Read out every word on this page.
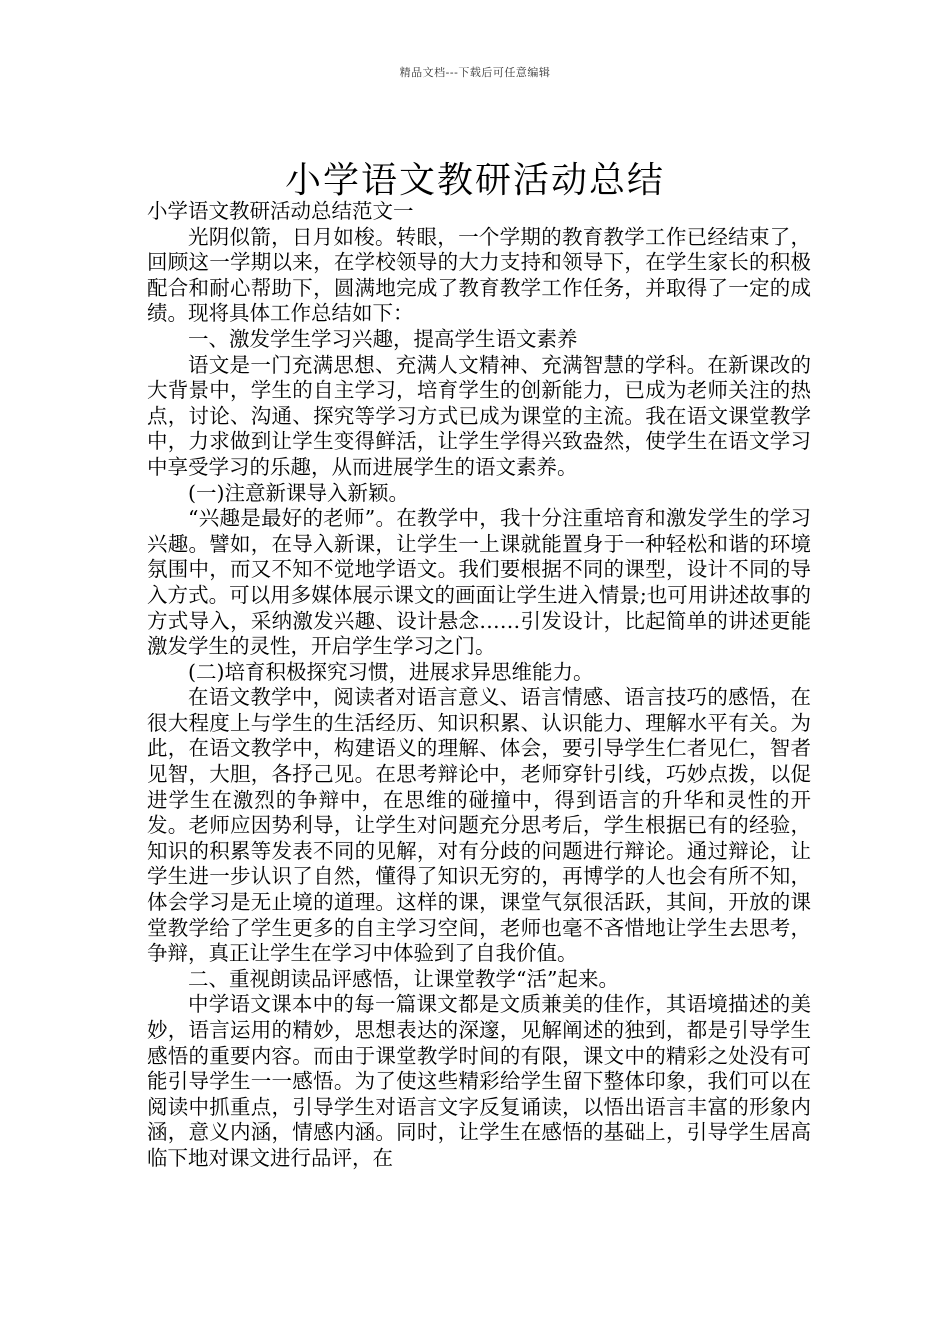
精品文档---下载后可任意编辑
小学语文教研活动总结

小学语文教研活动总结范文一

光阴似箭，日月如梭。转眼，一个学期的教育教学工作已经结束了，回顾这一学期以来，在学校领导的大力支持和领导下，在学生家长的积极配合和耐心帮助下，圆满地完成了教育教学工作任务，并取得了一定的成绩。现将具体工作总结如下：

一、激发学生学习兴趣，提高学生语文素养

语文是一门充满思想、充满人文精神、充满智慧的学科。在新课改的大背景中，学生的自主学习，培育学生的创新能力，已成为老师关注的热点，讨论、沟通、探究等学习方式已成为课堂的主流。我在语文课堂教学中，力求做到让学生变得鲜活，让学生学得兴致盎然，使学生在语文学习中享受学习的乐趣，从而进展学生的语文素养。

(一)注意新课导入新颖。

“兴趣是最好的老师”。在教学中，我十分注重培育和激发学生的学习兴趣。譬如，在导入新课，让学生一上课就能置身于一种轻松和谐的环境氛围中，而又不知不觉地学语文。我们要根据不同的课型，设计不同的导入方式。可以用多媒体展示课文的画面让学生进入情景;也可用讲述故事的方式导入，采纳激发兴趣、设计悬念……引发设计，比起简单的讲述更能激发学生的灵性，开启学生学习之门。

(二)培育积极探究习惯，进展求异思维能力。

在语文教学中，阅读者对语言意义、语言情感、语言技巧的感悟，在很大程度上与学生的生活经历、知识积累、认识能力、理解水平有关。为此，在语文教学中，构建语义的理解、体会，要引导学生仁者见仁，智者见智，大胆，各抒己见。在思考辩论中，老师穿针引线，巧妙点拨，以促进学生在激烈的争辩中，在思维的碰撞中，得到语言的升华和灵性的开发。老师应因势利导，让学生对问题充分思考后，学生根据已有的经验，知识的积累等发表不同的见解，对有分歧的问题进行辩论。通过辩论，让学生进一步认识了自然，懂得了知识无穷的，再博学的人也会有所不知，体会学习是无止境的道理。这样的课，课堂气氛很活跃，其间，开放的课堂教学给了学生更多的自主学习空间，老师也毫不吝惜地让学生去思考，争辩，真正让学生在学习中体验到了自我价值。

二、重视朗读品评感悟，让课堂教学“活”起来。

中学语文课本中的每一篇课文都是文质兼美的佳作，其语境描述的美妙，语言运用的精妙，思想表达的深邃，见解阐述的独到，都是引导学生感悟的重要内容。而由于课堂教学时间的有限，课文中的精彩之处没有可能引导学生一一感悟。为了使这些精彩给学生留下整体印象，我们可以在阅读中抓重点，引导学生对语言文字反复诵读，以悟出语言丰富的形象内涵，意义内涵，情感内涵。同时，让学生在感悟的基础上，引导学生居高临下地对课文进行品评，在
